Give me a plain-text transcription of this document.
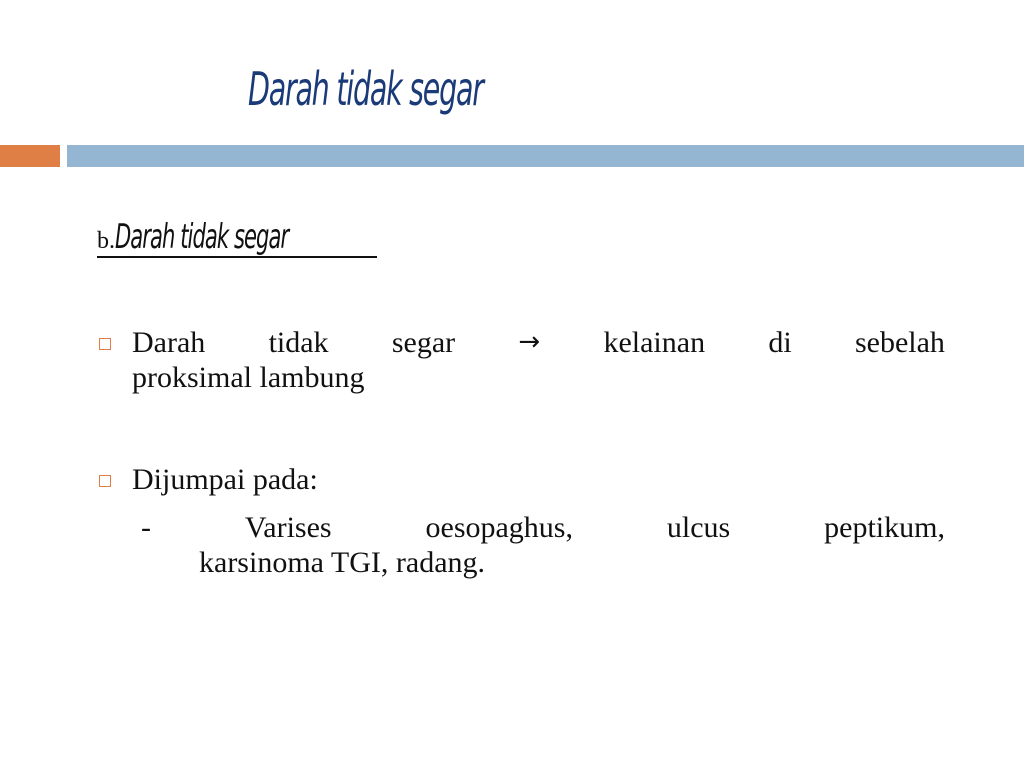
Darah tidak segar
b.Darah tidak segar
Darah tidak segar → kelainan di sebelah
proksimal lambung
Dijumpai pada:
-	Varises	oesopaghus,	ulcus	peptikum,
karsinoma TGI, radang.
